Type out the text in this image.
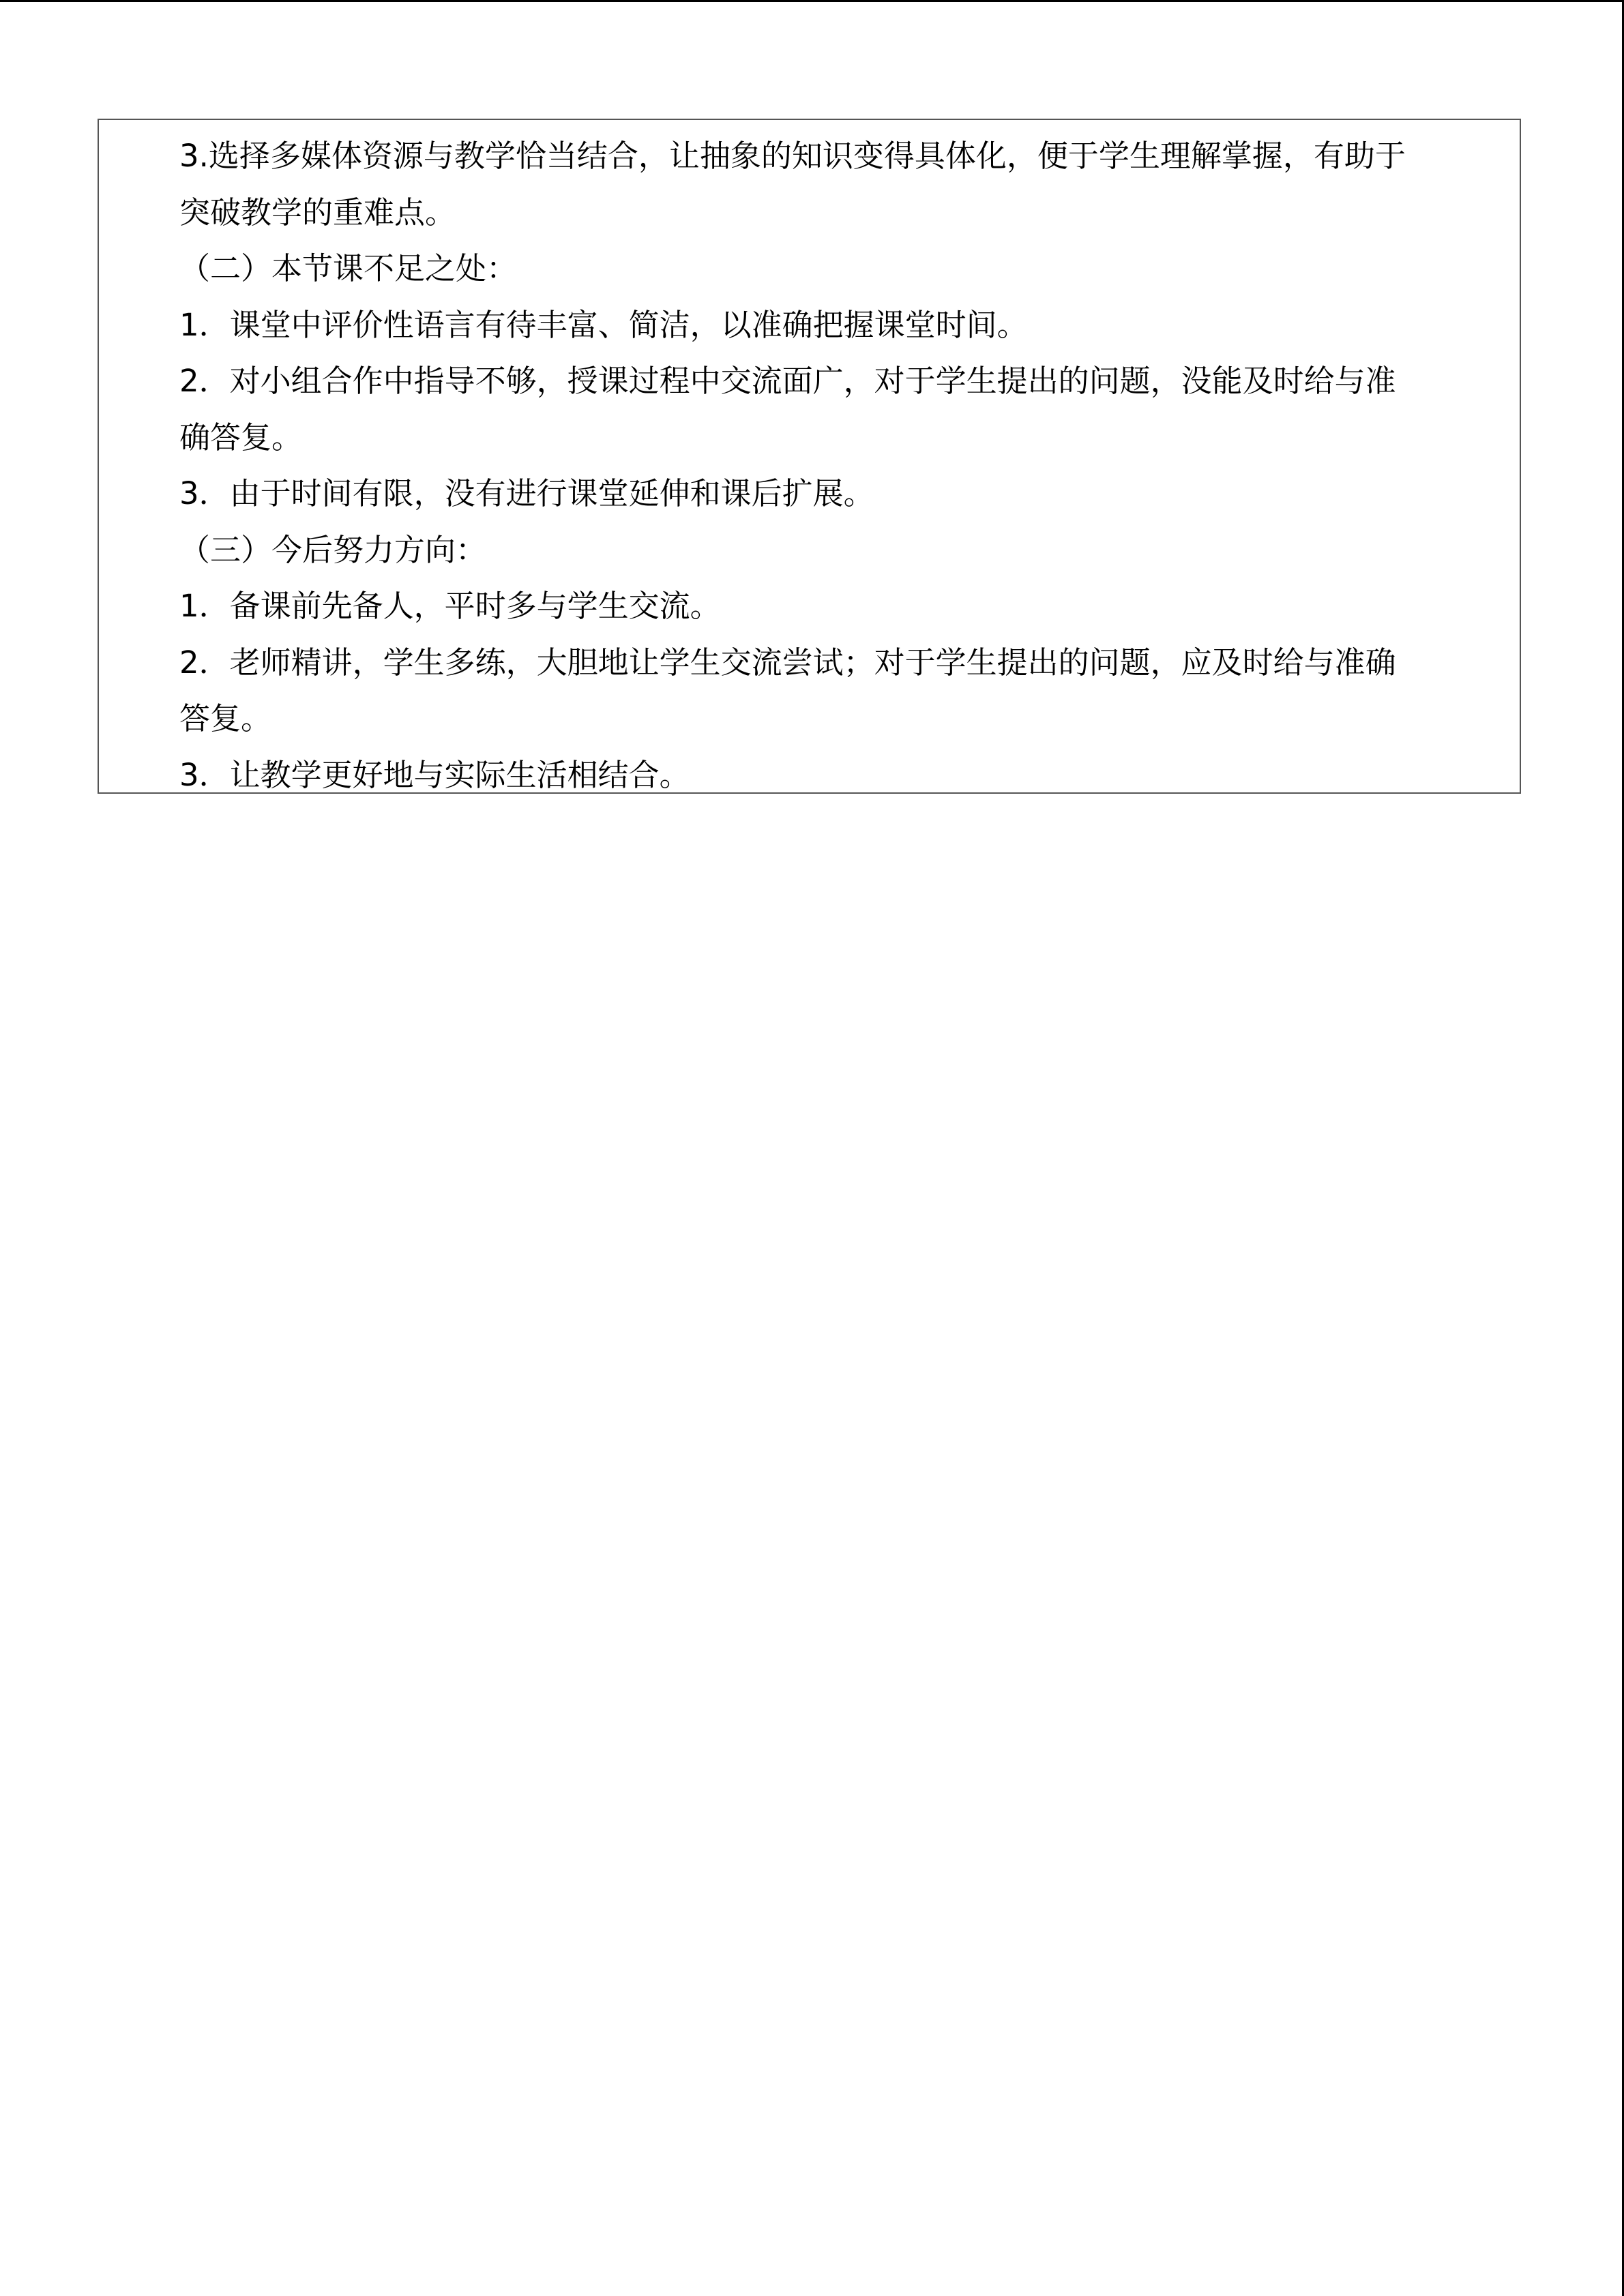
3.选择多媒体资源与教学恰当结合，让抽象的知识变得具体化，便于学生理解掌握，有助于
突破教学的重难点。
（二）本节课不足之处：
1．课堂中评价性语言有待丰富、简洁，以准确把握课堂时间。
2．对小组合作中指导不够，授课过程中交流面广，对于学生提出的问题，没能及时给与准
确答复。
3．由于时间有限，没有进行课堂延伸和课后扩展。
（三）今后努力方向：
1．备课前先备人，平时多与学生交流。
2．老师精讲，学生多练，大胆地让学生交流尝试；对于学生提出的问题，应及时给与准确
答复。
3．让教学更好地与实际生活相结合。
